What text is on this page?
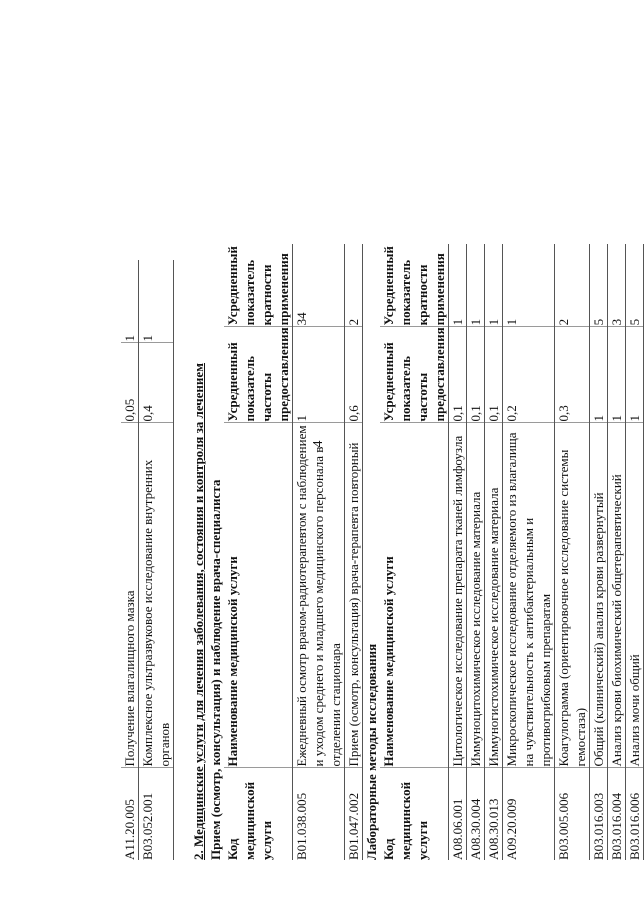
4
A11.20.005	Получение влагалищного мазка	0,05	1
B03.052.001	Комплексное ультразвуковое исследование внутренних органов	0,4	1
2. Медицинские услуги для лечения заболевания, состояния и контроля за лечением Прием (осмотр, консультация) и наблюдение врача-специалиста Код медицинской услуги	Наименование медицинской услуги	Усредненный показатель частоты предоставления	Усредненный показатель кратности применения
B01.038.005	Ежедневный осмотр врачом-радиотерапевтом с наблюдением и уходом среднего и младшего медицинского персонала в отделении стационара	1	34
B01.047.002	Прием (осмотр, консультация) врача-терапевта повторный	0,6	2
Лабораторные методы исследования Код медицинской услуги	Наименование медицинской услуги	Усредненный показатель частоты предоставления	Усредненный показатель кратности применения
A08.06.001	Цитологическое исследование препарата тканей лимфоузла	0,1	1
A08.30.004	Иммуноцитохимическое исследование материала	0,1	1
A08.30.013	Иммуногистохимическое исследование материала	0,1	1
A09.20.009	Микроскопическое исследование отделяемого из влагалища на чувствительность к антибактериальным и противогрибковым препаратам	0,2	1
B03.005.006	Коагулограмма (ориентировочное исследование системы гемостаза)	0,3	2
B03.016.003	Общий (клинический) анализ крови развернутый	1	5
B03.016.004	Анализ крови биохимический общетерапевтический	1	3
B03.016.006	Анализ мочи общий	1	5
